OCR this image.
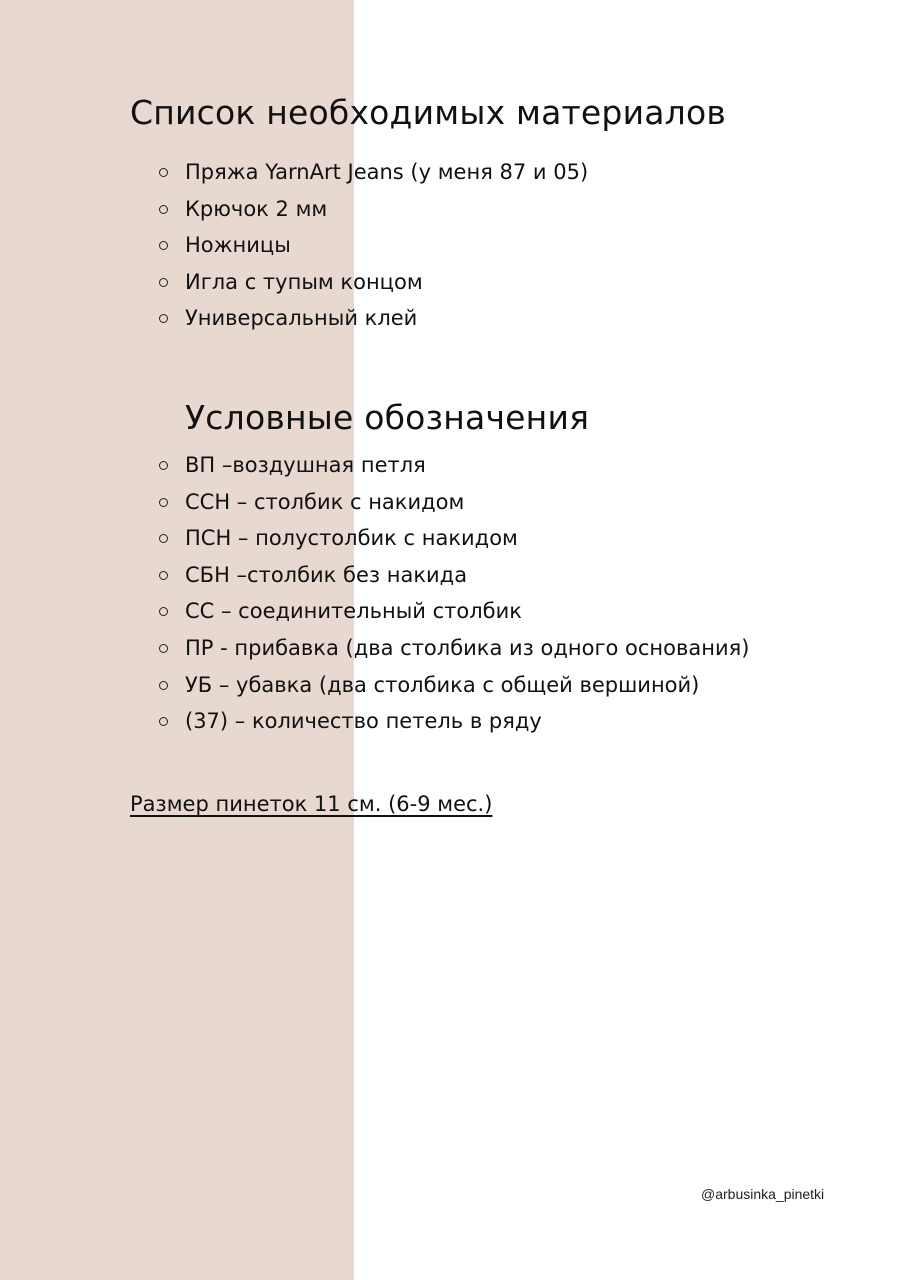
Список необходимых материалов
Пряжа YarnArt Jeans (у меня 87 и 05)
Крючок 2 мм
Ножницы
Игла с тупым концом
Универсальный клей
Условные обозначения
ВП –воздушная петля
ССН – столбик с накидом
ПСН – полустолбик с накидом
СБН –столбик без накида
СС – соединительный столбик
ПР - прибавка (два столбика из одного основания)
УБ – убавка (два столбика с общей вершиной)
(37) – количество петель в ряду
Размер пинеток 11 см. (6-9 мес.)
@arbusinka_pinetki
